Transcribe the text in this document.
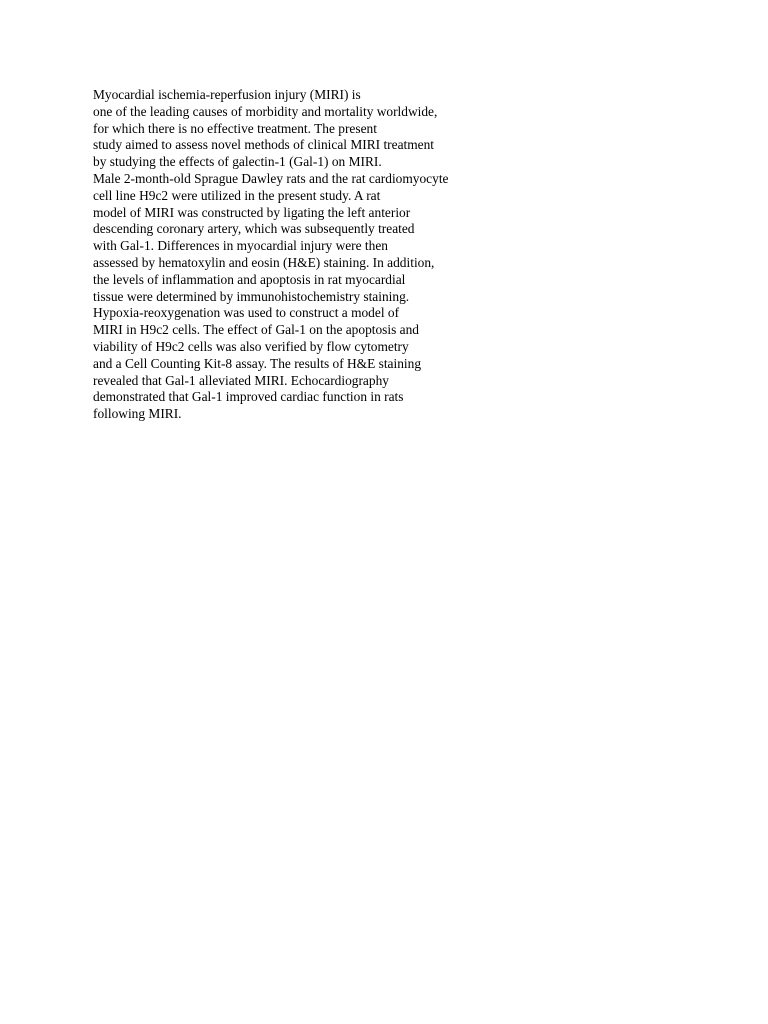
Myocardial ischemia-reperfusion injury (MIRI) is
one of the leading causes of morbidity and mortality worldwide,
for which there is no effective treatment. The present
study aimed to assess novel methods of clinical MIRI treatment
by studying the effects of galectin-1 (Gal-1) on MIRI.
Male 2-month-old Sprague Dawley rats and the rat cardiomyocyte
cell line H9c2 were utilized in the present study. A rat
model of MIRI was constructed by ligating the left anterior
descending coronary artery, which was subsequently treated
with Gal-1. Differences in myocardial injury were then
assessed by hematoxylin and eosin (H&E) staining. In addition,
the levels of inflammation and apoptosis in rat myocardial
tissue were determined by immunohistochemistry staining.
Hypoxia-reoxygenation was used to construct a model of
MIRI in H9c2 cells. The effect of Gal-1 on the apoptosis and
viability of H9c2 cells was also verified by flow cytometry
and a Cell Counting Kit-8 assay. The results of H&E staining
revealed that Gal-1 alleviated MIRI. Echocardiography
demonstrated that Gal-1 improved cardiac function in rats
following MIRI.
